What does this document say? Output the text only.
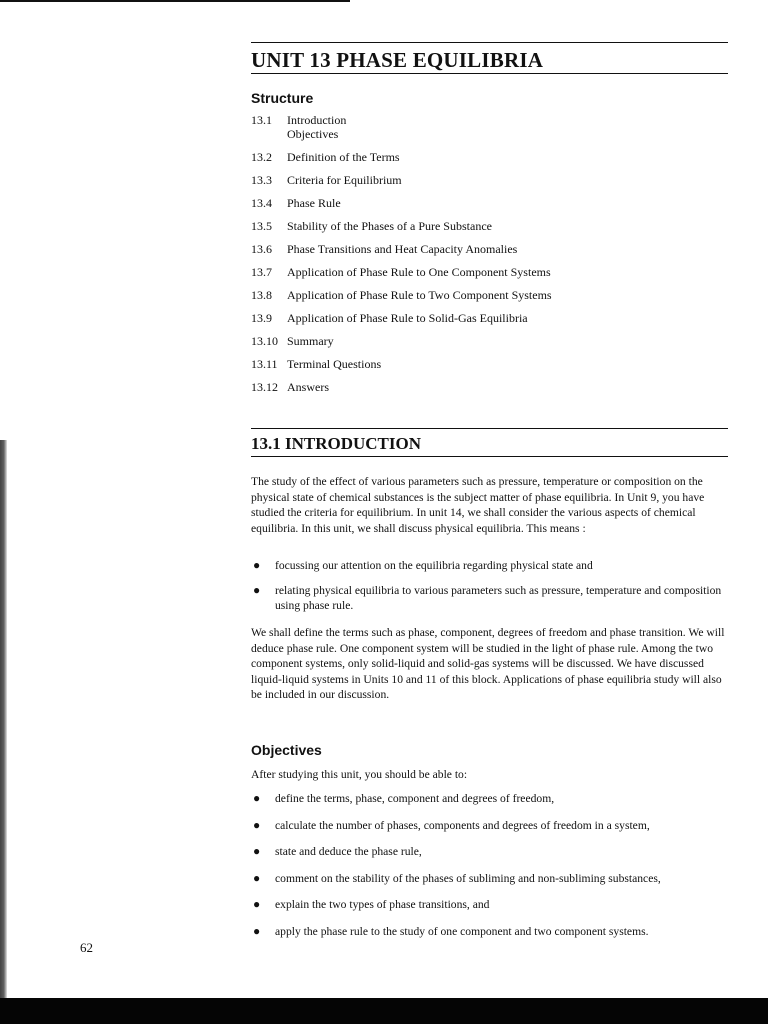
UNIT 13 PHASE EQUILIBRIA
Structure
13.1	Introduction
Objectives
13.2	Definition of the Terms
13.3	Criteria for Equilibrium
13.4	Phase Rule
13.5	Stability of the Phases of a Pure Substance
13.6	Phase Transitions and Heat Capacity Anomalies
13.7	Application of Phase Rule to One Component Systems
13.8	Application of Phase Rule to Two Component Systems
13.9	Application of Phase Rule to Solid-Gas Equilibria
13.10 Summary
13.11 Terminal Questions
13.12 Answers
13.1 INTRODUCTION

The study of the effect of various parameters such as pressure, temperature or composition on the physical state of chemical substances is the subject matter of phase equilibria. In Unit 9, you have studied the criteria for equilibrium. In unit 14, we shall consider the various aspects of chemical equilibria. In this unit, we shall discuss physical equilibria. This means :

● focussing our attention on the equilibria regarding physical state and
● relating physical equilibria to various parameters such as pressure, temperature and composition using phase rule.

We shall define the terms such as phase, component, degrees of freedom and phase transition. We will deduce phase rule. One component system will be studied in the light of phase rule. Among the two component systems, only solid-liquid and solid-gas systems will be discussed. We have discussed liquid-liquid systems in Units 10 and 11 of this block. Applications of phase equilibria study will also be included in our discussion.

Objectives

After studying this unit, you should be able to:

● define the terms, phase, component and degrees of freedom,
● calculate the number of phases, components and degrees of freedom in a system,
● state and deduce the phase rule,
● comment on the stability of the phases of subliming and non-subliming substances,
● explain the two types of phase transitions, and
● apply the phase rule to the study of one component and two component systems.
62
